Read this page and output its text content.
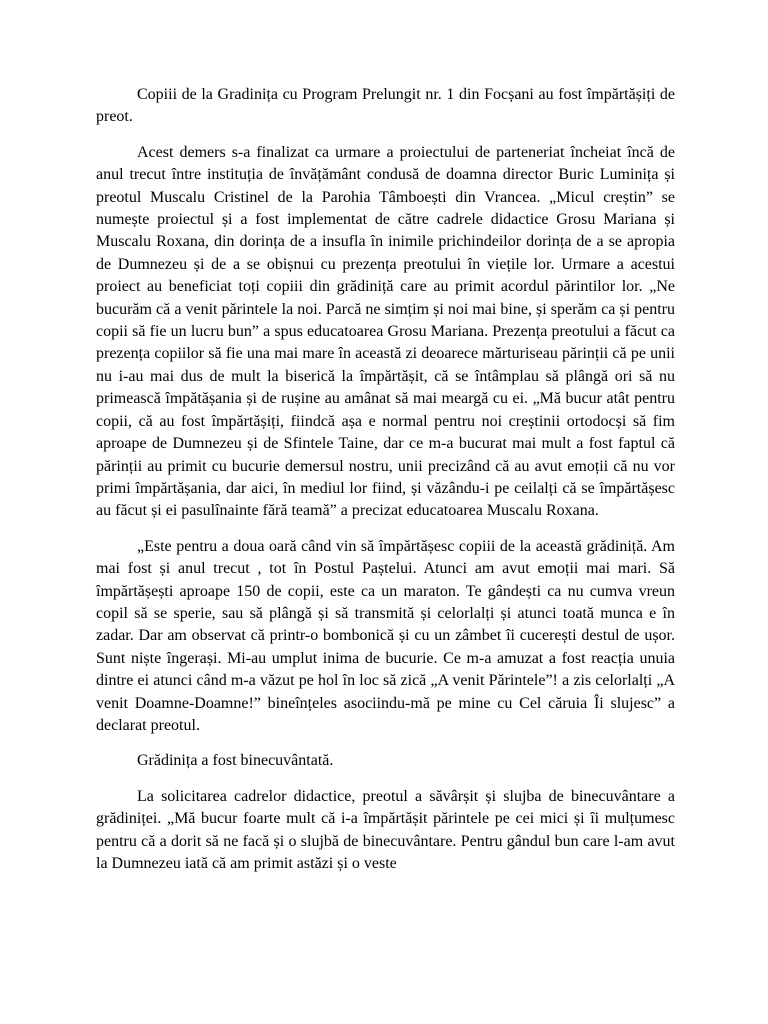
Copiii de la Gradinița cu Program Prelungit nr. 1 din Focșani au fost împărtășiți de preot.

Acest demers s-a finalizat ca urmare a proiectului de parteneriat încheiat încă de anul trecut între instituția de învățământ condusă de doamna director Buric Luminița și preotul Muscalu Cristinel de la Parohia Tâmboești din Vrancea. „Micul creștin” se numește proiectul și a fost implementat de către cadrele didactice Grosu Mariana și Muscalu Roxana, din dorința de a insufla în inimile prichindeilor dorința de a se apropia de Dumnezeu și de a se obișnui cu prezența preotului în viețile lor. Urmare a acestui proiect au beneficiat toți copiii din grădiniță care au primit acordul părintilor lor. „Ne bucurăm că a venit părintele la noi. Parcă ne simțim și noi mai bine, și sperăm ca și pentru copii să fie un lucru bun” a spus educatoarea Grosu Mariana. Prezența preotului a făcut ca prezența copiilor să fie una mai mare în această zi deoarece mărturiseau părinții că pe unii nu i-au mai dus de mult la biserică la împărtășit, că se întâmplau să plângă ori să nu primească împătășania și de rușine au amânat să mai meargă cu ei. „Mă bucur atât pentru copii, că au fost împărtășiți, fiindcă așa e normal pentru noi creștinii ortodocși să fim aproape de Dumnezeu și de Sfintele Taine, dar ce m-a bucurat mai mult a fost faptul că părinții au primit cu bucurie demersul nostru, unii precizând că au avut emoții că nu vor primi împărtășania, dar aici, în mediul lor fiind, și văzându-i pe ceilalți că se împărtășesc au făcut și ei pasulînainte fără teamă” a precizat educatoarea Muscalu Roxana.

„Este pentru a doua oară când vin să împărtășesc copiii de la această grădiniță. Am mai fost și anul trecut , tot în Postul Paștelui. Atunci am avut emoții mai mari. Să împărtășești aproape 150 de copii, este ca un maraton. Te gândești ca nu cumva vreun copil să se sperie, sau să plângă și să transmită și celorlalți și atunci toată munca e în zadar. Dar am observat că printr-o bombonică și cu un zâmbet îi cucerești destul de ușor. Sunt niște îngerași. Mi-au umplut inima de bucurie. Ce m-a amuzat a fost reacția unuia dintre ei atunci când m-a văzut pe hol în loc să zică „A venit Părintele”! a zis celorlalți „A venit Doamne-Doamne!” bineînțeles asociindu-mă pe mine cu Cel căruia Îi slujesc” a declarat preotul.

Grădinița a fost binecuvântată.

La solicitarea cadrelor didactice, preotul a săvârșit și slujba de binecuvântare a grădiniței. „Mă bucur foarte mult că i-a împărtășit părintele pe cei mici și îi mulțumesc pentru că a dorit să ne facă și o slujbă de binecuvântare. Pentru gândul bun care l-am avut la Dumnezeu iată că am primit astăzi și o veste
